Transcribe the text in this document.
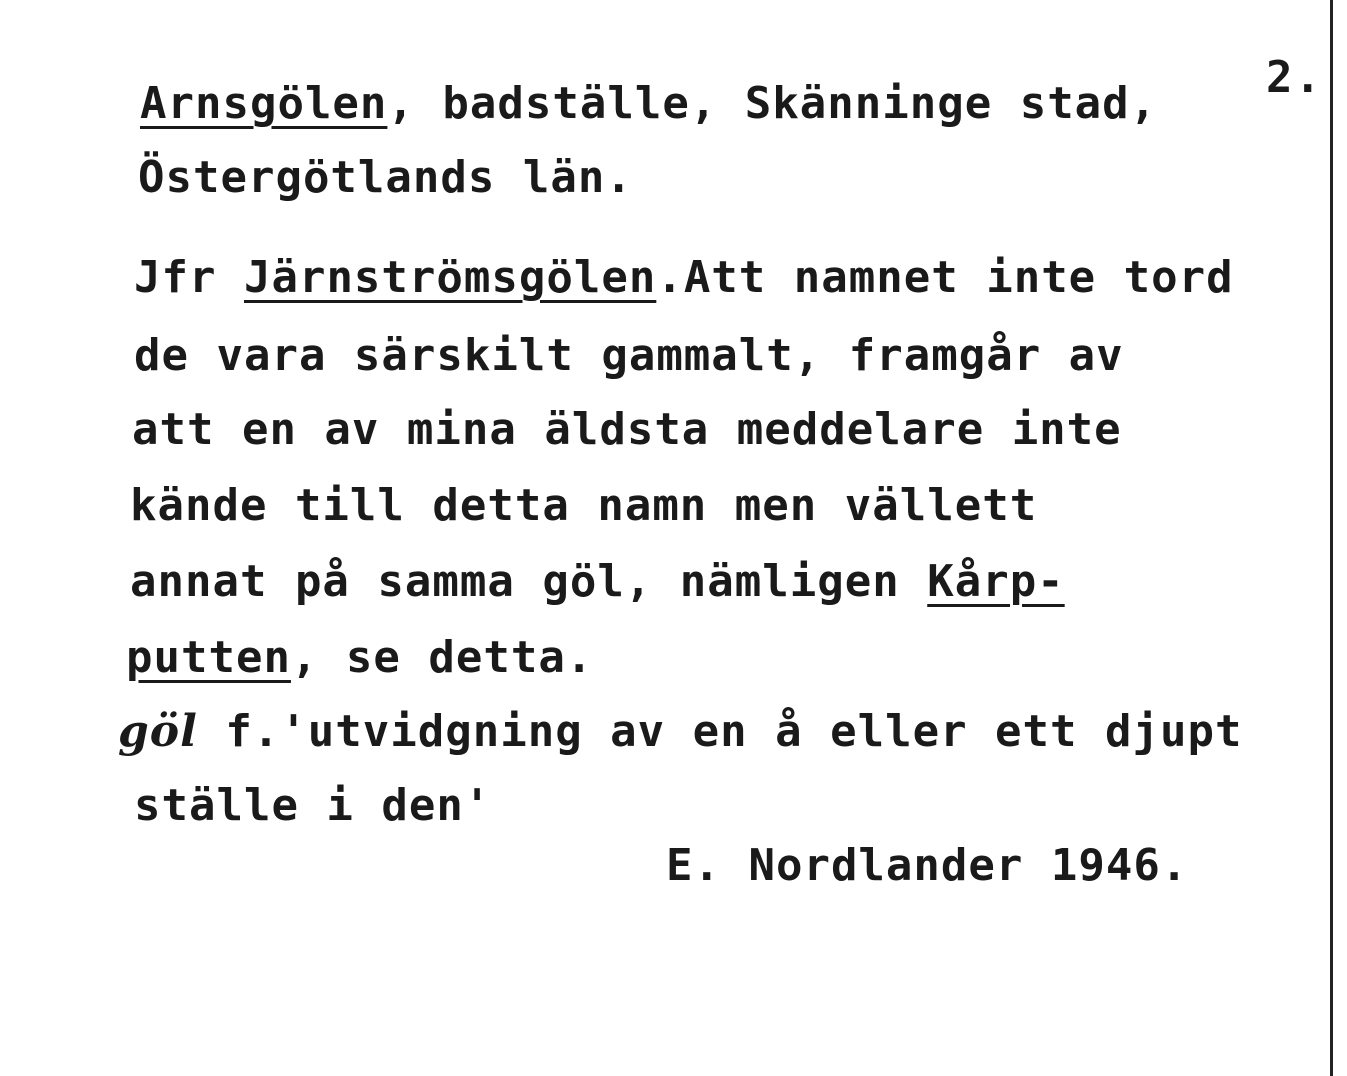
2.
Arnsgölen, badställe, Skänninge stad,
Östergötlands län.
Jfr Järnströmsgölen.Att namnet inte tord
de vara särskilt gammalt, framgår av
att en av mina äldsta meddelare inte
kände till detta namn men vällett
annat på samma göl, nämligen Kårp-
putten, se detta.
göl f.'utvidgning av en å eller ett djupt
ställe i den'
E. Nordlander 1946.
